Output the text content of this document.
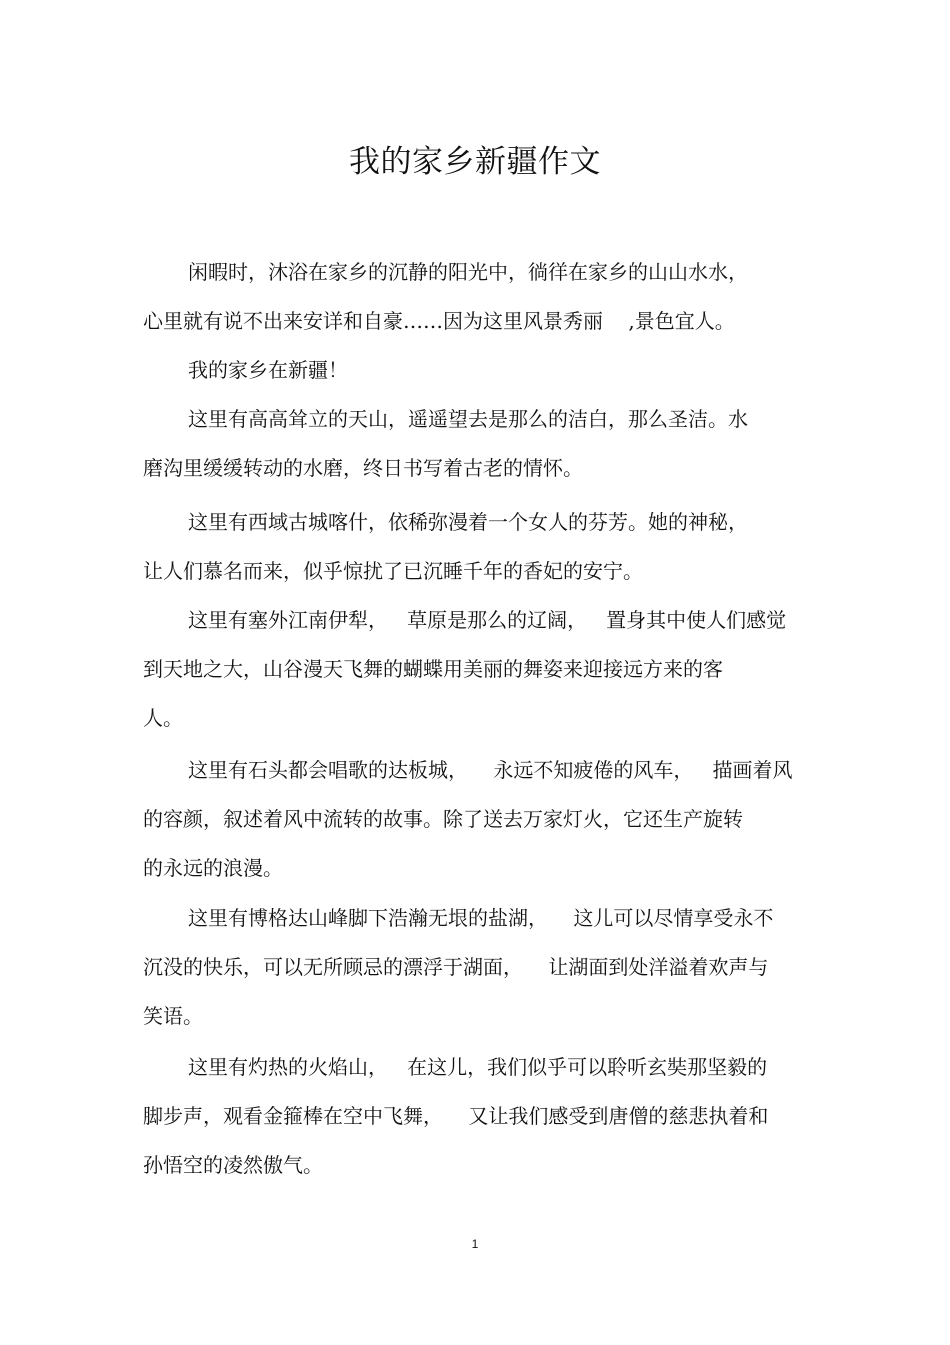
我的家乡新疆作文
闲暇时，沐浴在家乡的沉静的阳光中，徜徉在家乡的山山水水，
心里就有说不出来安详和自豪……因为这里风景秀丽    ,景色宜人。
我的家乡在新疆！
这里有高高耸立的天山，遥遥望去是那么的洁白，那么圣洁。水
磨沟里缓缓转动的水磨，终日书写着古老的情怀。
这里有西域古城喀什，依稀弥漫着一个女人的芬芳。她的神秘，
让人们慕名而来，似乎惊扰了已沉睡千年的香妃的安宁。
这里有塞外江南伊犁，   草原是那么的辽阔，   置身其中使人们感觉
到天地之大，山谷漫天飞舞的蝴蝶用美丽的舞姿来迎接远方来的客
人。
这里有石头都会唱歌的达板城，    永远不知疲倦的风车，   描画着风
的容颜，叙述着风中流转的故事。除了送去万家灯火，它还生产旋转
的永远的浪漫。
这里有博格达山峰脚下浩瀚无垠的盐湖，    这儿可以尽情享受永不
沉没的快乐，可以无所顾忌的漂浮于湖面，    让湖面到处洋溢着欢声与
笑语。
这里有灼热的火焰山，   在这儿，我们似乎可以聆听玄奘那坚毅的
脚步声，观看金箍棒在空中飞舞，    又让我们感受到唐僧的慈悲执着和
孙悟空的凌然傲气。
1
